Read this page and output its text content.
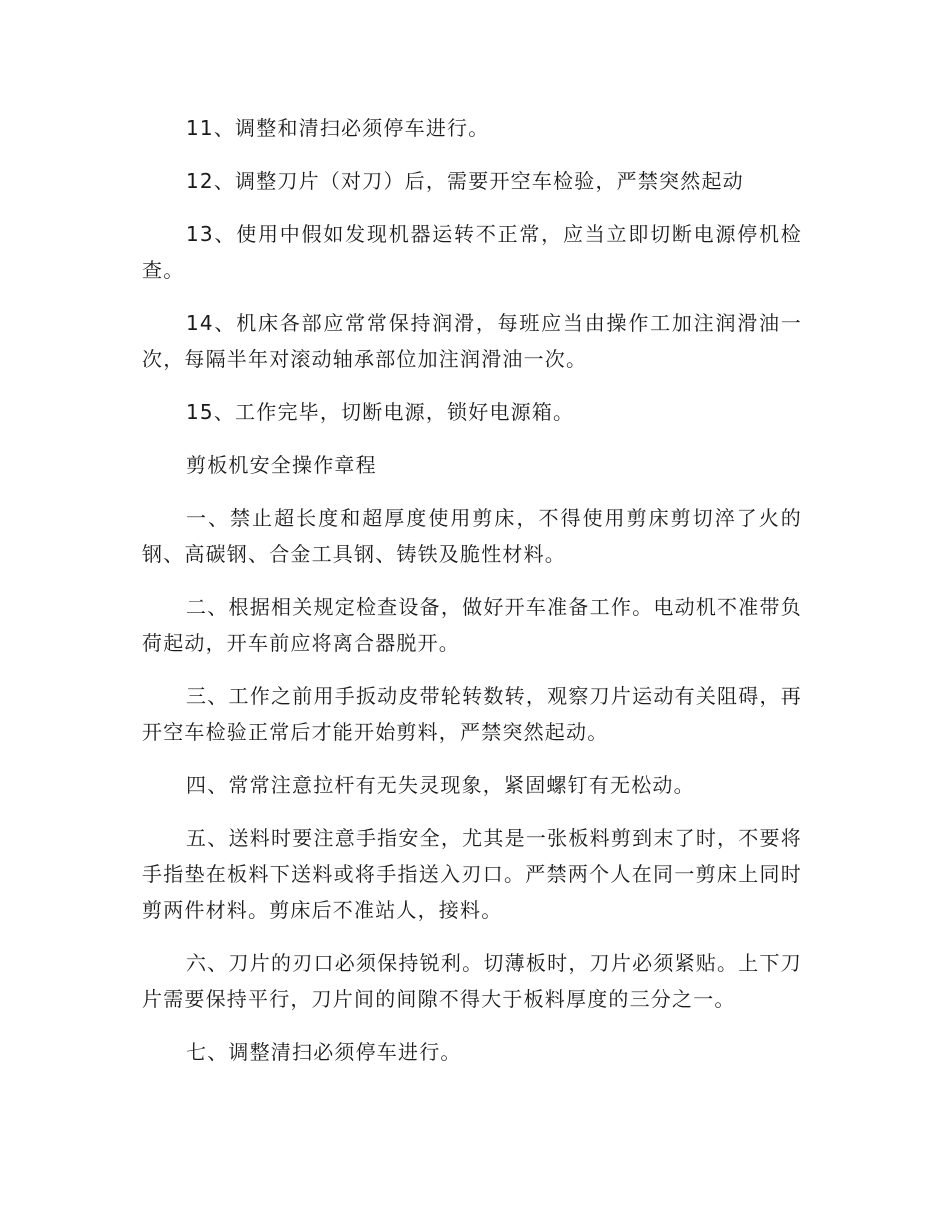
11、调整和清扫必须停车进行。

12、调整刀片（对刀）后，需要开空车检验，严禁突然起动

13、使用中假如发现机器运转不正常，应当立即切断电源停机检查。

14、机床各部应常常保持润滑，每班应当由操作工加注润滑油一次，每隔半年对滚动轴承部位加注润滑油一次。

15、工作完毕，切断电源，锁好电源箱。

剪板机安全操作章程

一、禁止超长度和超厚度使用剪床，不得使用剪床剪切淬了火的钢、高碳钢、合金工具钢、铸铁及脆性材料。

二、根据相关规定检查设备，做好开车准备工作。电动机不准带负荷起动，开车前应将离合器脱开。

三、工作之前用手扳动皮带轮转数转，观察刀片运动有关阻碍，再开空车检验正常后才能开始剪料，严禁突然起动。

四、常常注意拉杆有无失灵现象，紧固螺钉有无松动。

五、送料时要注意手指安全，尤其是一张板料剪到末了时，不要将手指垫在板料下送料或将手指送入刃口。严禁两个人在同一剪床上同时剪两件材料。剪床后不准站人，接料。

六、刀片的刃口必须保持锐利。切薄板时，刀片必须紧贴。上下刀片需要保持平行，刀片间的间隙不得大于板料厚度的三分之一。

七、调整清扫必须停车进行。
